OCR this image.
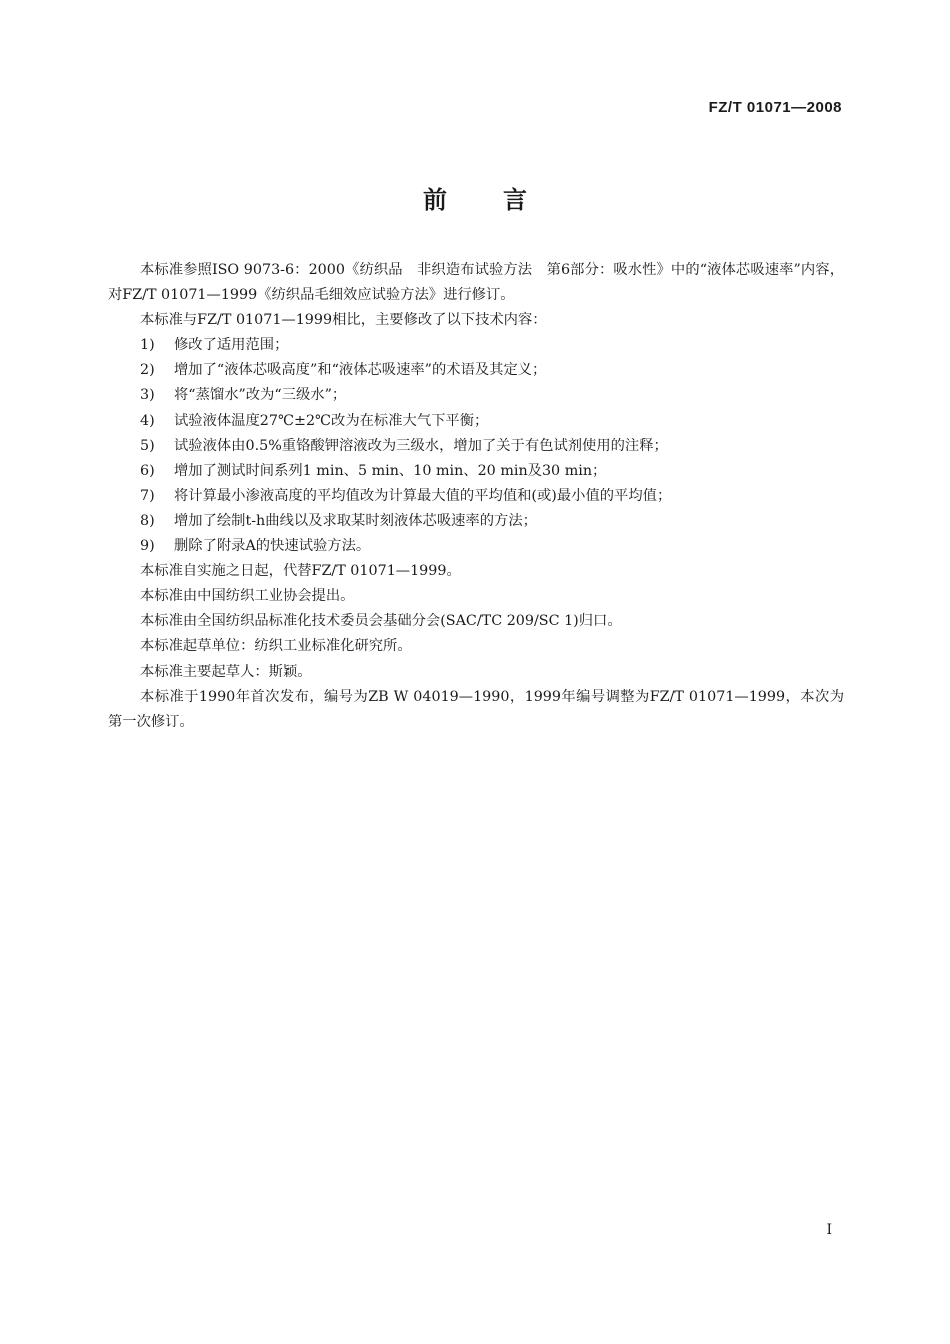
FZ/T 01071—2008
前言

本标准参照ISO 9073-6：2000《纺织品　非织造布试验方法　第6部分：吸水性》中的“液体芯吸速率”内容，对FZ/T 01071—1999《纺织品毛细效应试验方法》进行修订。

本标准与FZ/T 01071—1999相比，主要修改了以下技术内容：

1) 修改了适用范围；

2) 增加了“液体芯吸高度”和“液体芯吸速率”的术语及其定义；

3) 将“蒸馏水”改为“三级水”；

4) 试验液体温度27℃±2℃改为在标准大气下平衡；

5) 试验液体由0.5%重铬酸钾溶液改为三级水，增加了关于有色试剂使用的注释；

6) 增加了测试时间系列1 min、5 min、10 min、20 min及30 min；

7) 将计算最小渗液高度的平均值改为计算最大值的平均值和(或)最小值的平均值；

8) 增加了绘制t-h曲线以及求取某时刻液体芯吸速率的方法；

9) 删除了附录A的快速试验方法。

本标准自实施之日起，代替FZ/T 01071—1999。

本标准由中国纺织工业协会提出。

本标准由全国纺织品标准化技术委员会基础分会(SAC/TC 209/SC 1)归口。

本标准起草单位：纺织工业标准化研究所。

本标准主要起草人：斯颖。

本标准于1990年首次发布，编号为ZB W 04019—1990，1999年编号调整为FZ/T 01071—1999，本次为第一次修订。

I
